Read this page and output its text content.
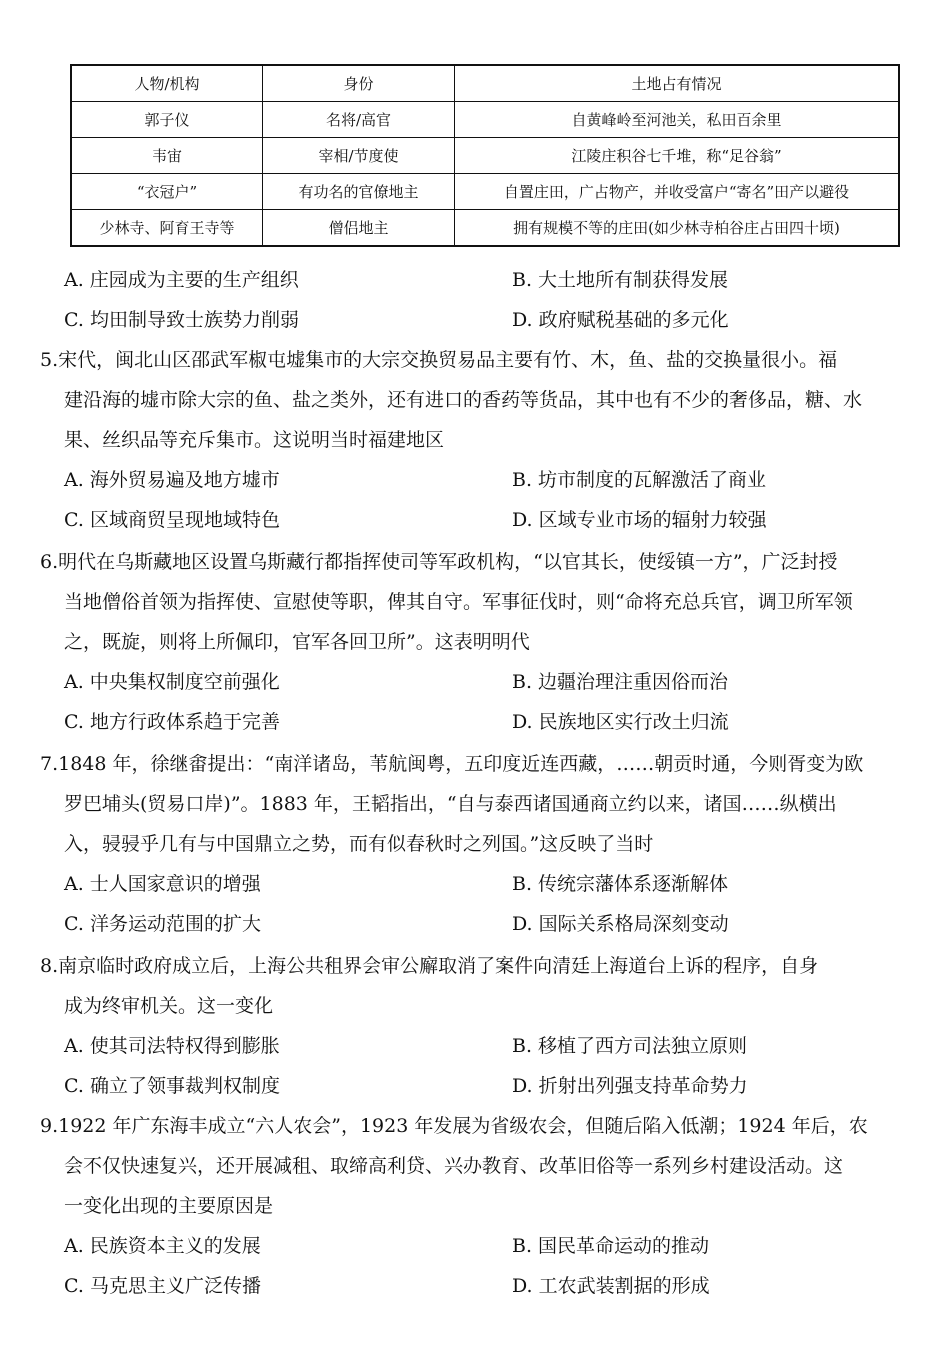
人物/机构	身份	土地占有情况
郭子仪	名将/高官	自黄峰岭至河池关，私田百余里
韦宙	宰相/节度使	江陵庄积谷七千堆，称“足谷翁”
“衣冠户”	有功名的官僚地主	自置庄田，广占物产，并收受富户“寄名”田产以避役
少林寺、阿育王寺等	僧侣地主	拥有规模不等的庄田(如少林寺柏谷庄占田四十顷)
A. 庄园成为主要的生产组织	B. 大土地所有制获得发展
C. 均田制导致士族势力削弱	D. 政府赋税基础的多元化

5.宋代，闽北山区邵武军椒屯墟集市的大宗交换贸易品主要有竹、木，鱼、盐的交换量很小。福

建沿海的墟市除大宗的鱼、盐之类外，还有进口的香药等货品，其中也有不少的奢侈品，糖、水

果、丝织品等充斥集市。这说明当时福建地区

A. 海外贸易遍及地方墟市	B. 坊市制度的瓦解激活了商业
C. 区域商贸呈现地域特色	D. 区域专业市场的辐射力较强

6.明代在乌斯藏地区设置乌斯藏行都指挥使司等军政机构，“以官其长，使绥镇一方”，广泛封授

当地僧俗首领为指挥使、宣慰使等职，俾其自守。军事征伐时，则“命将充总兵官，调卫所军领

之，既旋，则将上所佩印，官军各回卫所”。这表明明代

A. 中央集权制度空前强化	B. 边疆治理注重因俗而治
C. 地方行政体系趋于完善	D. 民族地区实行改土归流

7.1848 年，徐继畬提出：“南洋诸岛，苇航闽粤，五印度近连西藏，……朝贡时通，今则胥变为欧

罗巴埔头(贸易口岸)”。1883 年，王韬指出，“自与泰西诸国通商立约以来，诸国……纵横出

入，骎骎乎几有与中国鼎立之势，而有似春秋时之列国。”这反映了当时

A. 士人国家意识的增强	B. 传统宗藩体系逐渐解体
C. 洋务运动范围的扩大	D. 国际关系格局深刻变动

8.南京临时政府成立后，上海公共租界会审公廨取消了案件向清廷上海道台上诉的程序，自身

成为终审机关。这一变化

A. 使其司法特权得到膨胀	B. 移植了西方司法独立原则
C. 确立了领事裁判权制度	D. 折射出列强支持革命势力

9.1922 年广东海丰成立“六人农会”，1923 年发展为省级农会，但随后陷入低潮；1924 年后，农

会不仅快速复兴，还开展减租、取缔高利贷、兴办教育、改革旧俗等一系列乡村建设活动。这

一变化出现的主要原因是

A. 民族资本主义的发展	B. 国民革命运动的推动
C. 马克思主义广泛传播	D. 工农武装割据的形成
